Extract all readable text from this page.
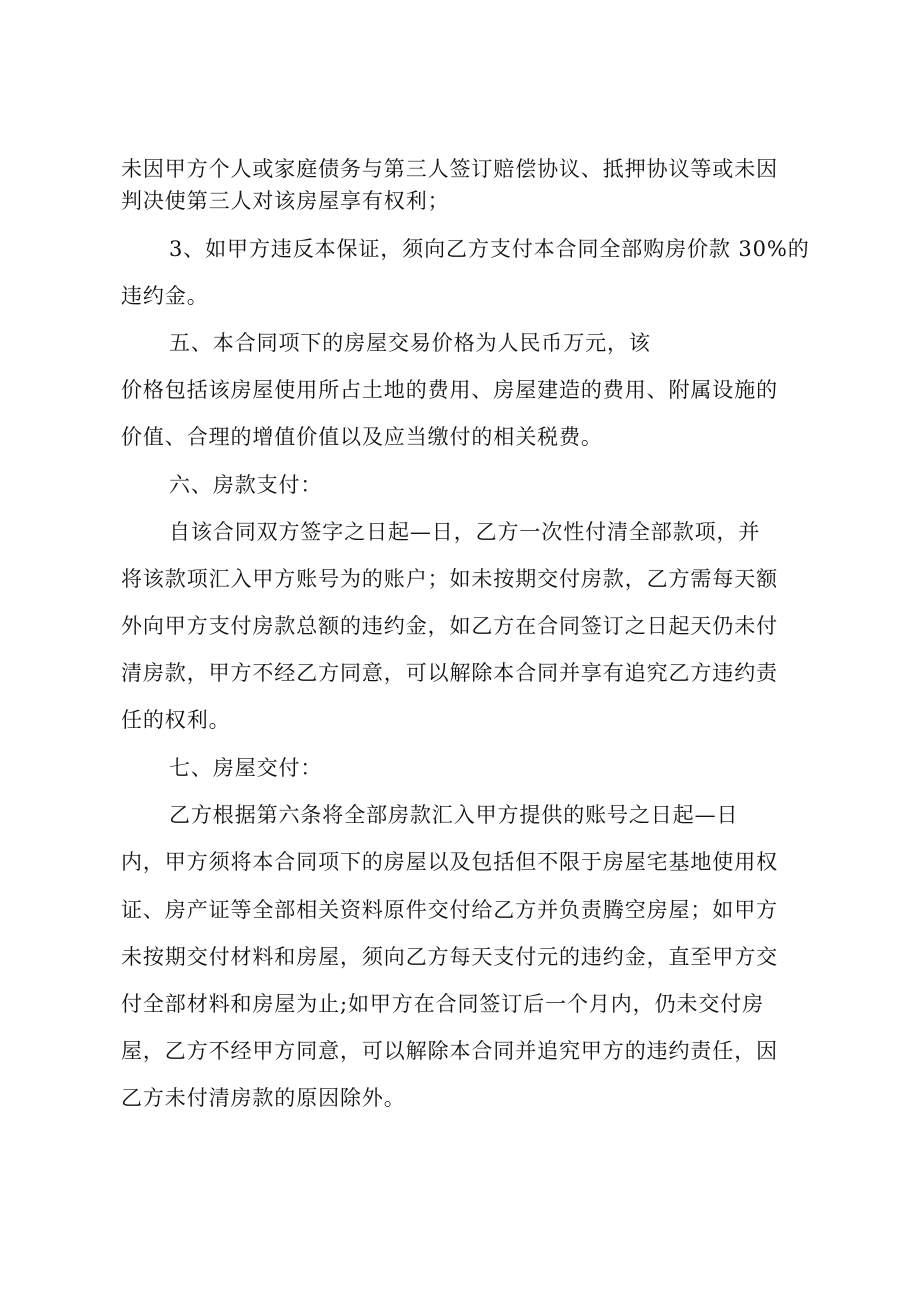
未因甲方个人或家庭债务与第三人签订赔偿协议、抵押协议等或未因
判决使第三人对该房屋享有权利；
3、如甲方违反本保证，须向乙方支付本合同全部购房价款 30%的
违约金。
五、本合同项下的房屋交易价格为人民币万元，该
价格包括该房屋使用所占土地的费用、房屋建造的费用、附属设施的
价值、合理的增值价值以及应当缴付的相关税费。
六、房款支付：
自该合同双方签字之日起—日，乙方一次性付清全部款项，并
将该款项汇入甲方账号为的账户；如未按期交付房款，乙方需每天额
外向甲方支付房款总额的违约金，如乙方在合同签订之日起天仍未付
清房款，甲方不经乙方同意，可以解除本合同并享有追究乙方违约责
任的权利。
七、房屋交付：
乙方根据第六条将全部房款汇入甲方提供的账号之日起—日
内，甲方须将本合同项下的房屋以及包括但不限于房屋宅基地使用权
证、房产证等全部相关资料原件交付给乙方并负责腾空房屋；如甲方
未按期交付材料和房屋，须向乙方每天支付元的违约金，直至甲方交
付全部材料和房屋为止;如甲方在合同签订后一个月内，仍未交付房
屋，乙方不经甲方同意，可以解除本合同并追究甲方的违约责任，因
乙方未付清房款的原因除外。
